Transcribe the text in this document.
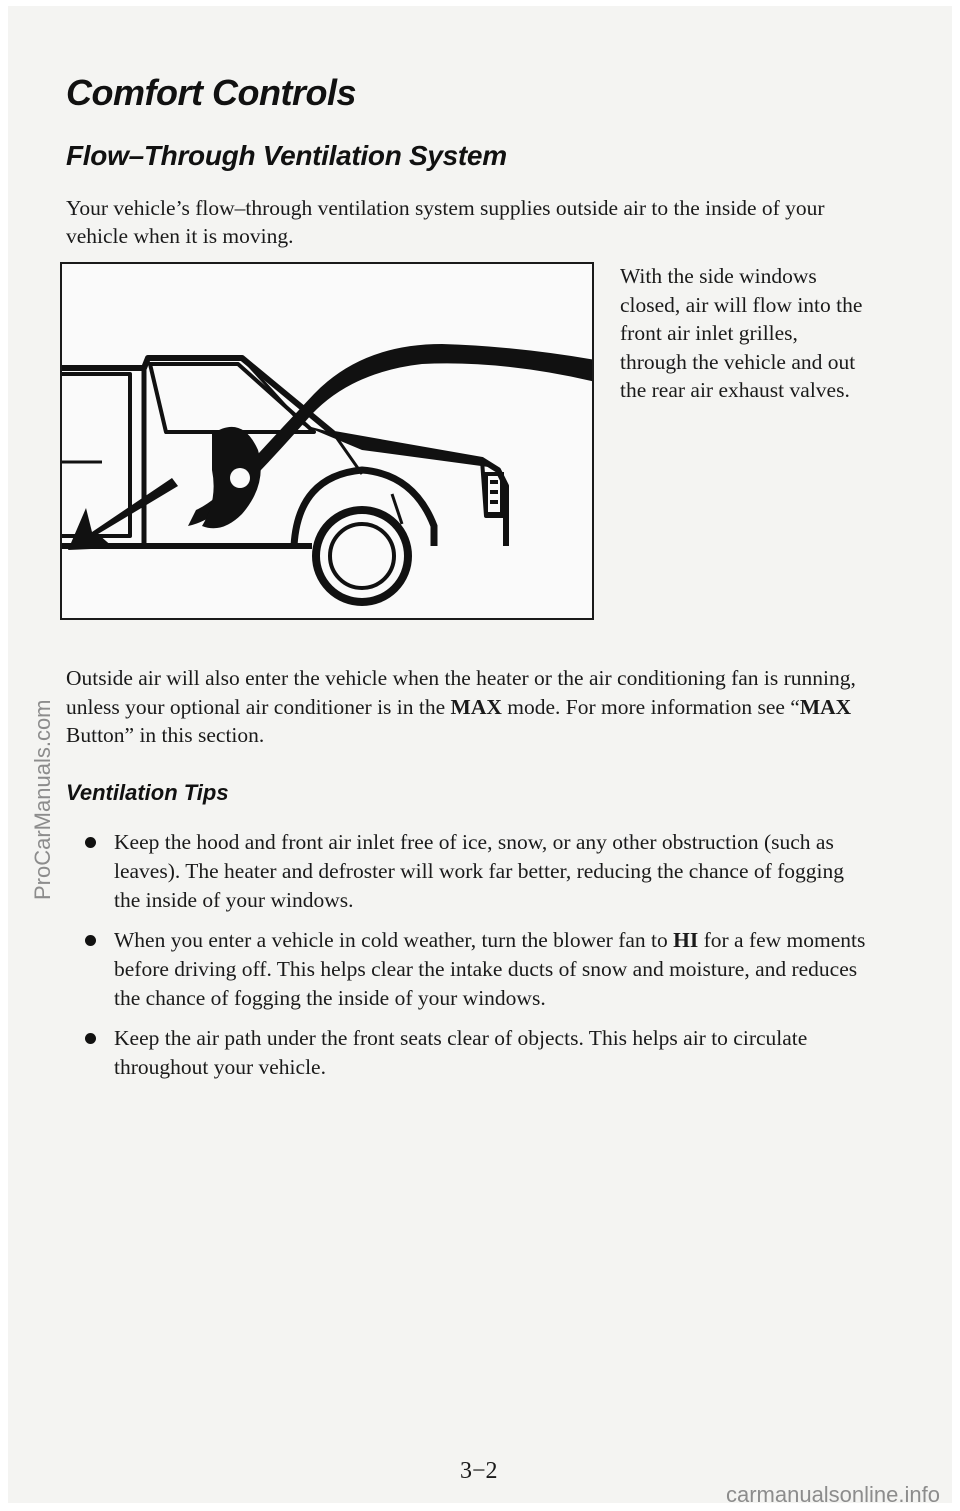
Comfort Controls
Flow–Through Ventilation System

Your vehicle’s flow–through ventilation system supplies outside air to the inside of your vehicle when it is moving.

With the side windows closed, air will flow into the front air inlet grilles, through the vehicle and out the rear air exhaust valves.

Outside air will also enter the vehicle when the heater or the air conditioning fan is running, unless your optional air conditioner is in the MAX mode. For more information see “MAX Button” in this section.

Ventilation Tips
Keep the hood and front air inlet free of ice, snow, or any other obstruction (such as leaves). The heater and defroster will work far better, reducing the chance of fogging the inside of your windows.
When you enter a vehicle in cold weather, turn the blower fan to HI for a few moments before driving off. This helps clear the intake ducts of snow and moisture, and reduces the chance of fogging the inside of your windows.
Keep the air path under the front seats clear of objects. This helps air to circulate throughout your vehicle.

3−2

ProCarManuals.com
carmanualsonline.info
